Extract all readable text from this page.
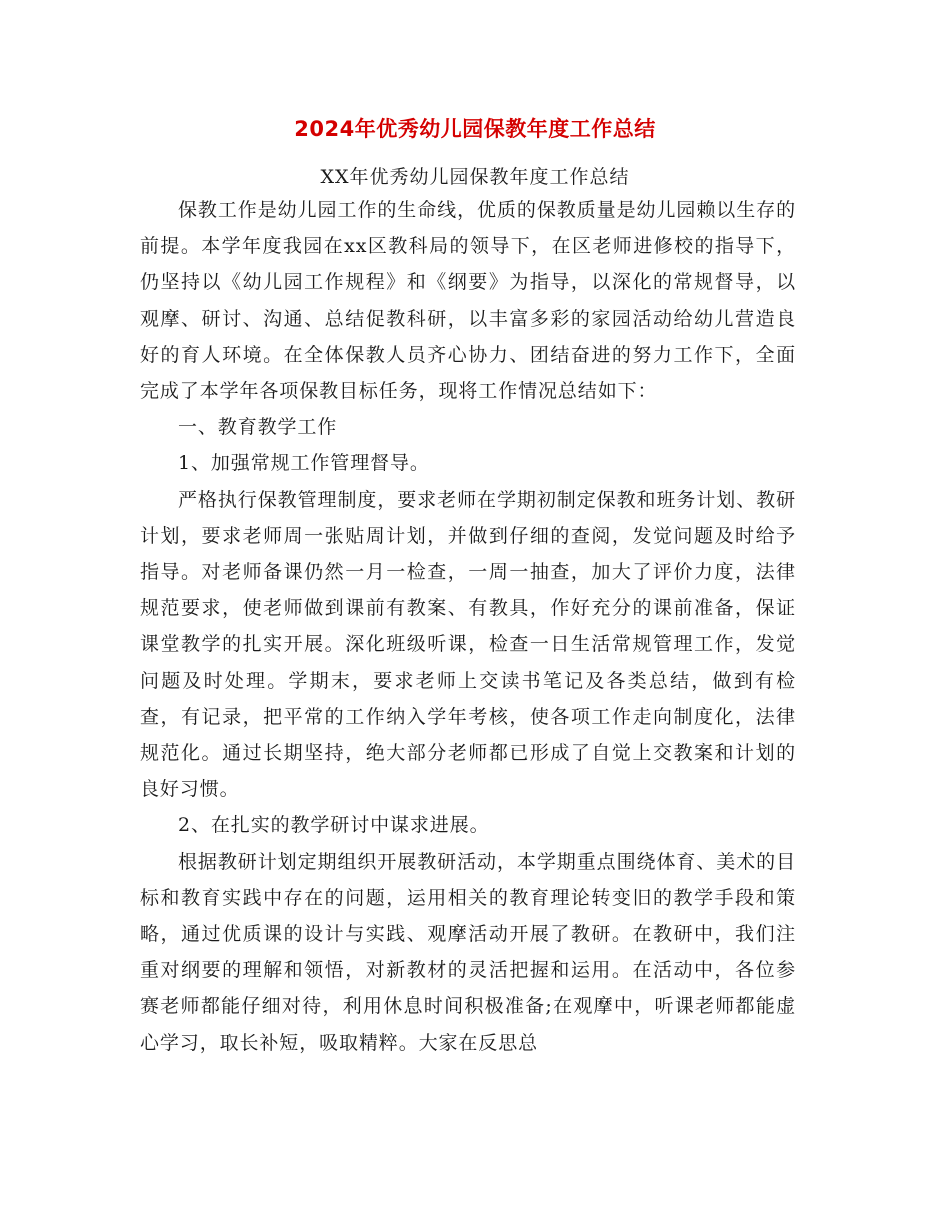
2024年优秀幼儿园保教年度工作总结
XX年优秀幼儿园保教年度工作总结

保教工作是幼儿园工作的生命线，优质的保教质量是幼儿园赖以生存的前提。本学年度我园在xx区教科局的领导下，在区老师进修校的指导下，仍坚持以《幼儿园工作规程》和《纲要》为指导，以深化的常规督导，以观摩、研讨、沟通、总结促教科研，以丰富多彩的家园活动给幼儿营造良好的育人环境。在全体保教人员齐心协力、团结奋进的努力工作下，全面完成了本学年各项保教目标任务，现将工作情况总结如下：

一、教育教学工作

1、加强常规工作管理督导。

严格执行保教管理制度，要求老师在学期初制定保教和班务计划、教研计划，要求老师周一张贴周计划，并做到仔细的查阅，发觉问题及时给予指导。对老师备课仍然一月一检查，一周一抽查，加大了评价力度，法律规范要求，使老师做到课前有教案、有教具，作好充分的课前准备，保证课堂教学的扎实开展。深化班级听课，检查一日生活常规管理工作，发觉问题及时处理。学期末，要求老师上交读书笔记及各类总结，做到有检查，有记录，把平常的工作纳入学年考核，使各项工作走向制度化，法律规范化。通过长期坚持，绝大部分老师都已形成了自觉上交教案和计划的良好习惯。

2、在扎实的教学研讨中谋求进展。

根据教研计划定期组织开展教研活动，本学期重点围绕体育、美术的目标和教育实践中存在的问题，运用相关的教育理论转变旧的教学手段和策略，通过优质课的设计与实践、观摩活动开展了教研。在教研中，我们注重对纲要的理解和领悟，对新教材的灵活把握和运用。在活动中，各位参赛老师都能仔细对待，利用休息时间积极准备;在观摩中，听课老师都能虚心学习，取长补短，吸取精粹。大家在反思总
